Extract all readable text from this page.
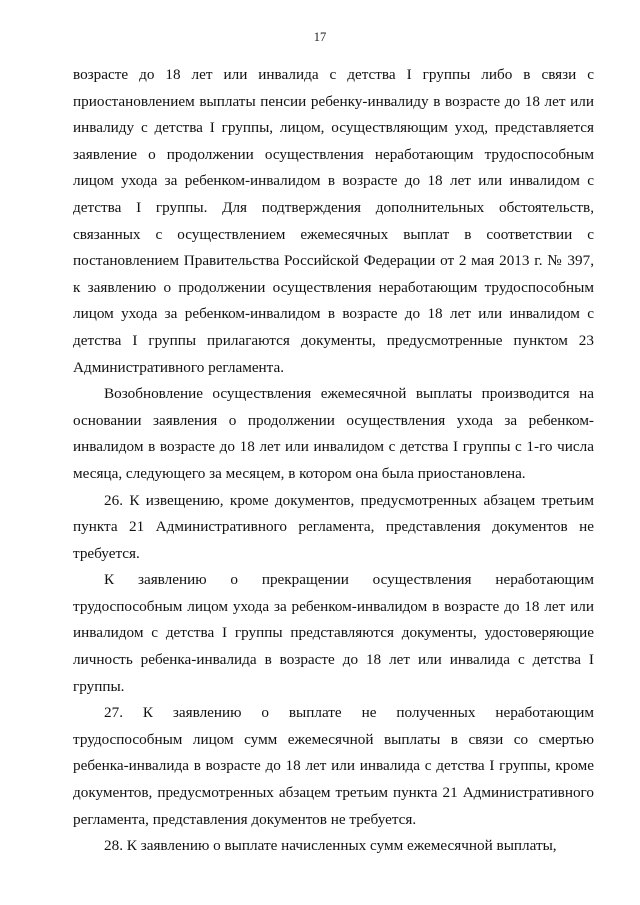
17

возрасте до 18 лет или инвалида с детства I группы либо в связи с приостановлением выплаты пенсии ребенку-инвалиду в возрасте до 18 лет или инвалиду с детства I группы, лицом, осуществляющим уход, представляется заявление о продолжении осуществления неработающим трудоспособным лицом ухода за ребенком-инвалидом в возрасте до 18 лет или инвалидом с детства I группы. Для подтверждения дополнительных обстоятельств, связанных с осуществлением ежемесячных выплат в соответствии с постановлением Правительства Российской Федерации от 2 мая 2013 г. № 397, к заявлению о продолжении осуществления неработающим трудоспособным лицом ухода за ребенком-инвалидом в возрасте до 18 лет или инвалидом с детства I группы прилагаются документы, предусмотренные пунктом 23 Административного регламента.

Возобновление осуществления ежемесячной выплаты производится на основании заявления о продолжении осуществления ухода за ребенком-инвалидом в возрасте до 18 лет или инвалидом с детства I группы с 1-го числа месяца, следующего за месяцем, в котором она была приостановлена.

26. К извещению, кроме документов, предусмотренных абзацем третьим пункта 21 Административного регламента, представления документов не требуется.

К заявлению о прекращении осуществления неработающим трудоспособным лицом ухода за ребенком-инвалидом в возрасте до 18 лет или инвалидом с детства I группы представляются документы, удостоверяющие личность ребенка-инвалида в возрасте до 18 лет или инвалида с детства I группы.

27. К заявлению о выплате не полученных неработающим трудоспособным лицом сумм ежемесячной выплаты в связи со смертью ребенка-инвалида в возрасте до 18 лет или инвалида с детства I группы, кроме документов, предусмотренных абзацем третьим пункта 21 Административного регламента, представления документов не требуется.

28. К заявлению о выплате начисленных сумм ежемесячной выплаты,
